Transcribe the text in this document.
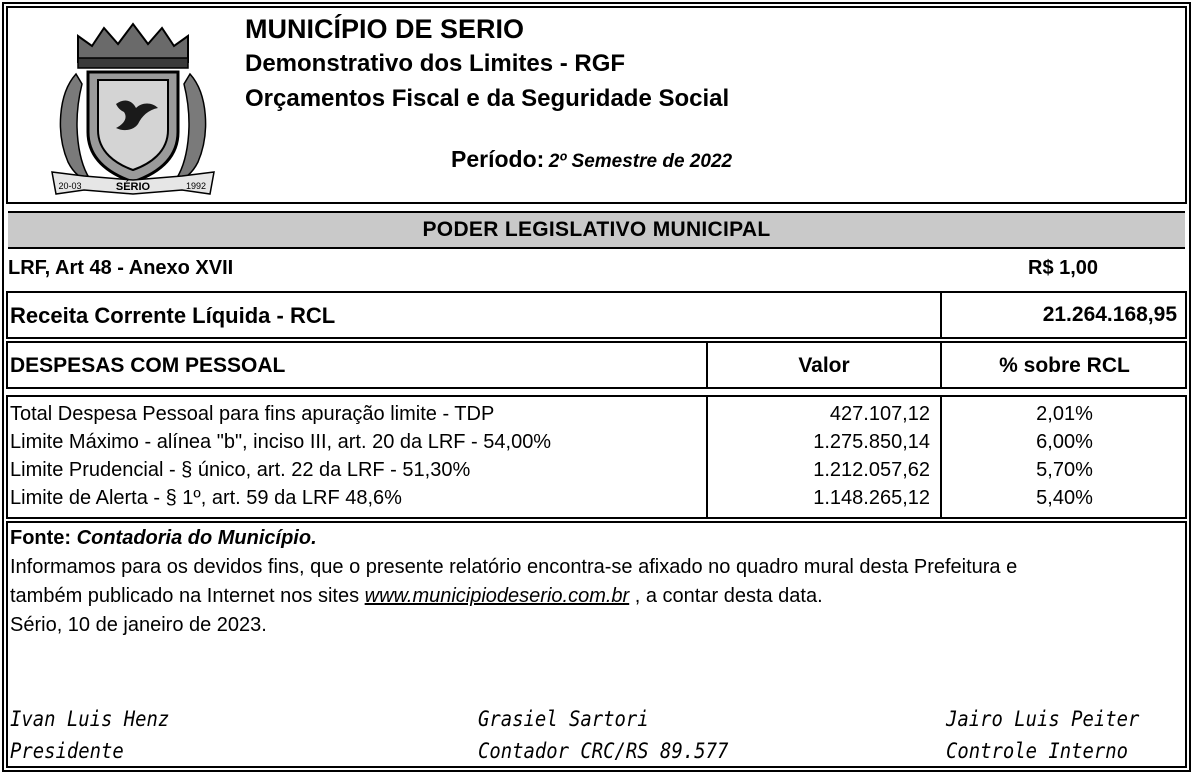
20-03	SÉRIO	1992
MUNICÍPIO DE SERIO
Demonstrativo dos Limites - RGF
Orçamentos Fiscal e da Seguridade Social
Período: 2º Semestre de 2022
PODER LEGISLATIVO MUNICIPAL
LRF, Art 48 - Anexo XVII	R$ 1,00
Receita Corrente Líquida - RCL	21.264.168,95
DESPESAS COM PESSOAL	Valor	% sobre RCL
Total Despesa Pessoal para fins apuração limite - TDP	427.107,12	2,01%
Limite Máximo - alínea "b", inciso III, art. 20 da LRF - 54,00%	1.275.850,14	6,00%
Limite Prudencial - § único, art. 22 da LRF - 51,30%	1.212.057,62	5,70%
Limite de Alerta - § 1º, art. 59 da LRF 48,6%	1.148.265,12	5,40%
Fonte: Contadoria do Município.
Informamos para os devidos fins, que o presente relatório encontra-se afixado no quadro mural desta Prefeitura e
também publicado na Internet nos sites www.municipiodeserio.com.br , a contar desta data.
Sério, 10 de janeiro de 2023.
Ivan Luis Henz
Presidente
Grasiel Sartori
Contador CRC/RS 89.577
Jairo Luis Peiter
Controle Interno
